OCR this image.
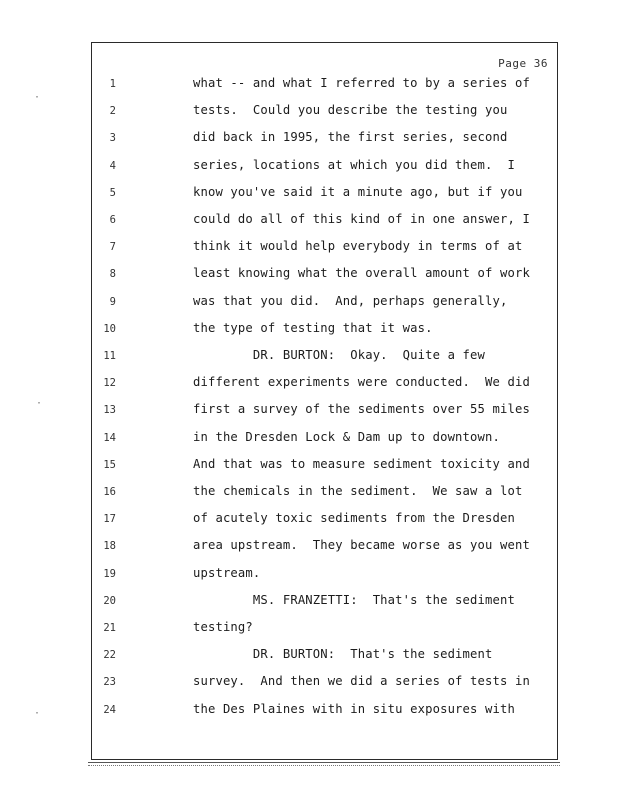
Page 36
1	what -- and what I referred to by a series of
2	tests.  Could you describe the testing you
3	did back in 1995, the first series, second
4	series, locations at which you did them.  I
5	know you've said it a minute ago, but if you
6	could do all of this kind of in one answer, I
7	think it would help everybody in terms of at
8	least knowing what the overall amount of work
9	was that you did.  And, perhaps generally,
10	the type of testing that it was.
11	DR. BURTON:  Okay.  Quite a few
12	different experiments were conducted.  We did
13	first a survey of the sediments over 55 miles
14	in the Dresden Lock & Dam up to downtown.
15	And that was to measure sediment toxicity and
16	the chemicals in the sediment.  We saw a lot
17	of acutely toxic sediments from the Dresden
18	area upstream.  They became worse as you went
19	upstream.
20	MS. FRANZETTI:  That's the sediment
21	testing?
22	DR. BURTON:  That's the sediment
23	survey.  And then we did a series of tests in
24	the Des Plaines with in situ exposures with
·
·
·
